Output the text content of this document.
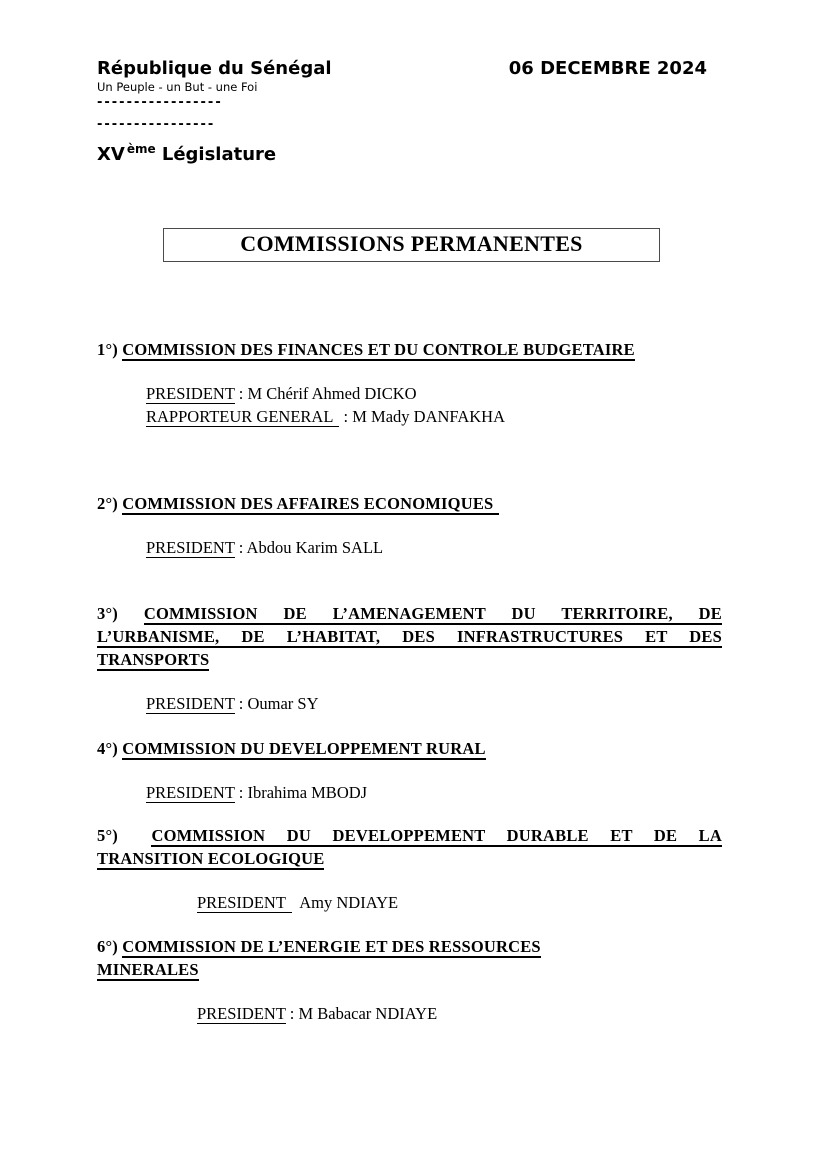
République du Sénégal
Un Peuple - un But - une Foi
-----------------
----------------
XV $^{ème}$ Législature
06 DECEMBRE 2024
COMMISSIONS PERMANENTES
1°) COMMISSION DES FINANCES ET DU CONTROLE BUDGETAIRE
PRESIDENT : M Chérif Ahmed DICKO
RAPPORTEUR GENERAL : M Mady DANFAKHA
2°) COMMISSION DES AFFAIRES ECONOMIQUES
PRESIDENT : Abdou Karim SALL
3°) COMMISSION DE L’AMENAGEMENT DU TERRITOIRE, DE
L’URBANISME, DE L’HABITAT, DES INFRASTRUCTURES ET DES
TRANSPORTS
PRESIDENT : Oumar SY
4°) COMMISSION DU DEVELOPPEMENT RURAL
PRESIDENT : Ibrahima MBODJ
5°) COMMISSION DU DEVELOPPEMENT DURABLE ET DE LA
TRANSITION ECOLOGIQUE
PRESIDENT  Amy NDIAYE
6°) COMMISSION DE L’ENERGIE ET DES RESSOURCES
MINERALES
PRESIDENT : M Babacar NDIAYE
